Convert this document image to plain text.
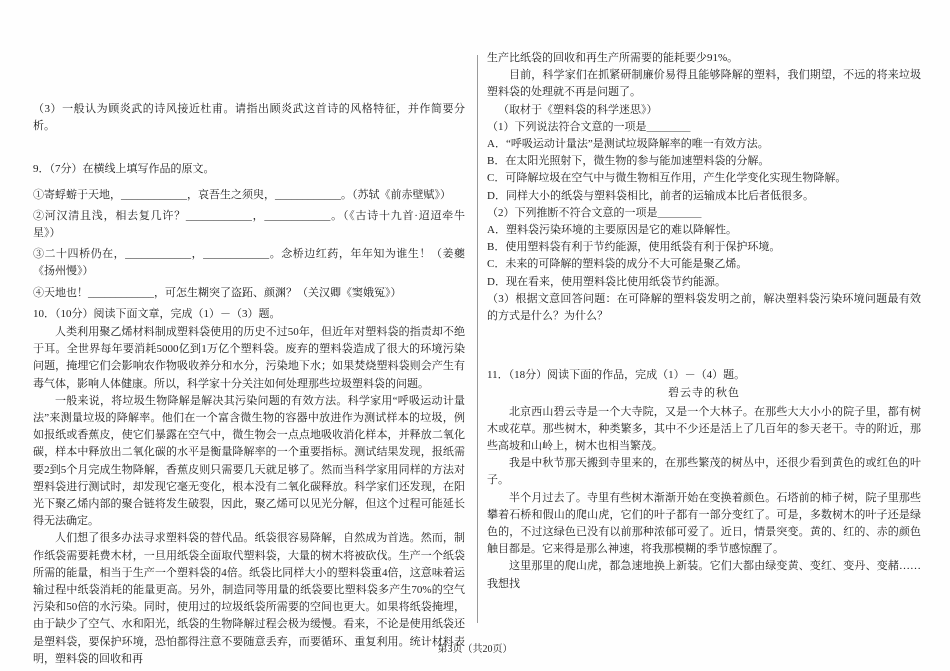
（3）一般认为顾炎武的诗风接近杜甫。请指出顾炎武这首诗的风格特征，并作简要分析。

9．（7分）在横线上填写作品的原文。

①寄蜉蝣于天地，____________，哀吾生之须臾，____________。（苏轼《前赤壁赋》）

②河汉清且浅，相去复几许？____________，____________。（《古诗十九首·迢迢牵牛星》）

③二十四桥仍在，____________，____________。念桥边红药，年年知为谁生！（姜夔《扬州慢》）

④天地也！____________，可怎生糊突了盗跖、颜渊？（关汉卿《窦娥冤》）

10．（10分）阅读下面文章，完成（1）－（3）题。

人类利用聚乙烯材料制成塑料袋使用的历史不过50年，但近年对塑料袋的指责却不绝于耳。全世界每年要消耗5000亿到1万亿个塑料袋。废弃的塑料袋造成了很大的环境污染问题，掩埋它们会影响农作物吸收养分和水分，污染地下水；如果焚烧塑料袋则会产生有毒气体，影响人体健康。所以，科学家十分关注如何处理那些垃圾塑料袋的问题。

一般来说，将垃圾生物降解是解决其污染问题的有效方法。科学家用“呼吸运动计量法”来测量垃圾的降解率。他们在一个富含微生物的容器中放进作为测试样本的垃圾，例如报纸或香蕉皮，使它们暴露在空气中，微生物会一点点地吸收消化样本，并释放二氧化碳，样本中释放出二氧化碳的水平是衡量降解率的一个重要指标。测试结果发现，报纸需要2到5个月完成生物降解，香蕉皮则只需要几天就足够了。然而当科学家用同样的方法对塑料袋进行测试时，却发现它毫无变化，根本没有二氧化碳释放。科学家们还发现，在阳光下聚乙烯内部的聚合链将发生破裂，因此，聚乙烯可以见光分解，但这个过程可能延长得无法确定。

人们想了很多办法寻求塑料袋的替代品。纸袋很容易降解，自然成为首选。然而，制作纸袋需要耗费木材，一旦用纸袋全面取代塑料袋，大量的树木将被砍伐。生产一个纸袋所需的能量，相当于生产一个塑料袋的4倍。纸袋比同样大小的塑料袋重4倍，这意味着运输过程中纸袋消耗的能量更高。另外，制造同等用量的纸袋要比塑料袋多产生70%的空气污染和50倍的水污染。同时，使用过的垃圾纸袋所需要的空间也更大。如果将纸袋掩埋，由于缺少了空气、水和阳光，纸袋的生物降解过程会极为缓慢。看来，不论是使用纸袋还是塑料袋，要保护环境，恐怕都得注意不要随意丢弃，而要循环、重复利用。统计材料表明，塑料袋的回收和再

生产比纸袋的回收和再生产所需要的能耗要少91%。

目前，科学家们在抓紧研制廉价易得且能够降解的塑料，我们期望，不远的将来垃圾塑料袋的处理就不再是问题了。

（取材于《塑料袋的科学迷思》）

（1）下列说法符合文意的一项是＿＿＿＿

A．“呼吸运动计量法”是测试垃圾降解率的唯一有效方法。

B．在太阳光照射下，微生物的参与能加速塑料袋的分解。

C．可降解垃圾在空气中与微生物相互作用，产生化学变化实现生物降解。

D．同样大小的纸袋与塑料袋相比，前者的运输成本比后者低很多。

（2）下列推断不符合文意的一项是＿＿＿＿

A．塑料袋污染环境的主要原因是它的难以降解性。

B．使用塑料袋有利于节约能源，使用纸袋有利于保护环境。

C．未来的可降解的塑料袋的成分不大可能是聚乙烯。

D．现在看来，使用塑料袋比使用纸袋节约能源。

（3）根据文意回答问题：在可降解的塑料袋发明之前，解决塑料袋污染环境问题最有效的方式是什么？为什么？

11．（18分）阅读下面的作品，完成（1）－（4）题。

碧云寺的秋色

北京西山碧云寺是一个大寺院，又是一个大林子。在那些大大小小的院子里，都有树木或花草。那些树木，种类繁多，其中不少还是活上了几百年的参天老干。寺的附近，那些高坡和山岭上，树木也相当繁茂。

我是中秋节那天搬到寺里来的，在那些繁茂的树丛中，还很少看到黄色的或红色的叶子。

半个月过去了。寺里有些树木渐渐开始在变换着颜色。石塔前的柿子树，院子里那些攀着石桥和假山的爬山虎，它们的叶子都有一部分变红了。可是，多数树木的叶子还是绿色的，不过这绿色已没有以前那种浓郁可爱了。近日，情景突变。黄的、红的、赤的颜色触目都是。它来得是那么神速，将我那模糊的季节感惊醒了。

这里那里的爬山虎，都急速地换上新装。它们大都由绿变黄、变红、变丹、变赭……我想找

第3页（共20页）
